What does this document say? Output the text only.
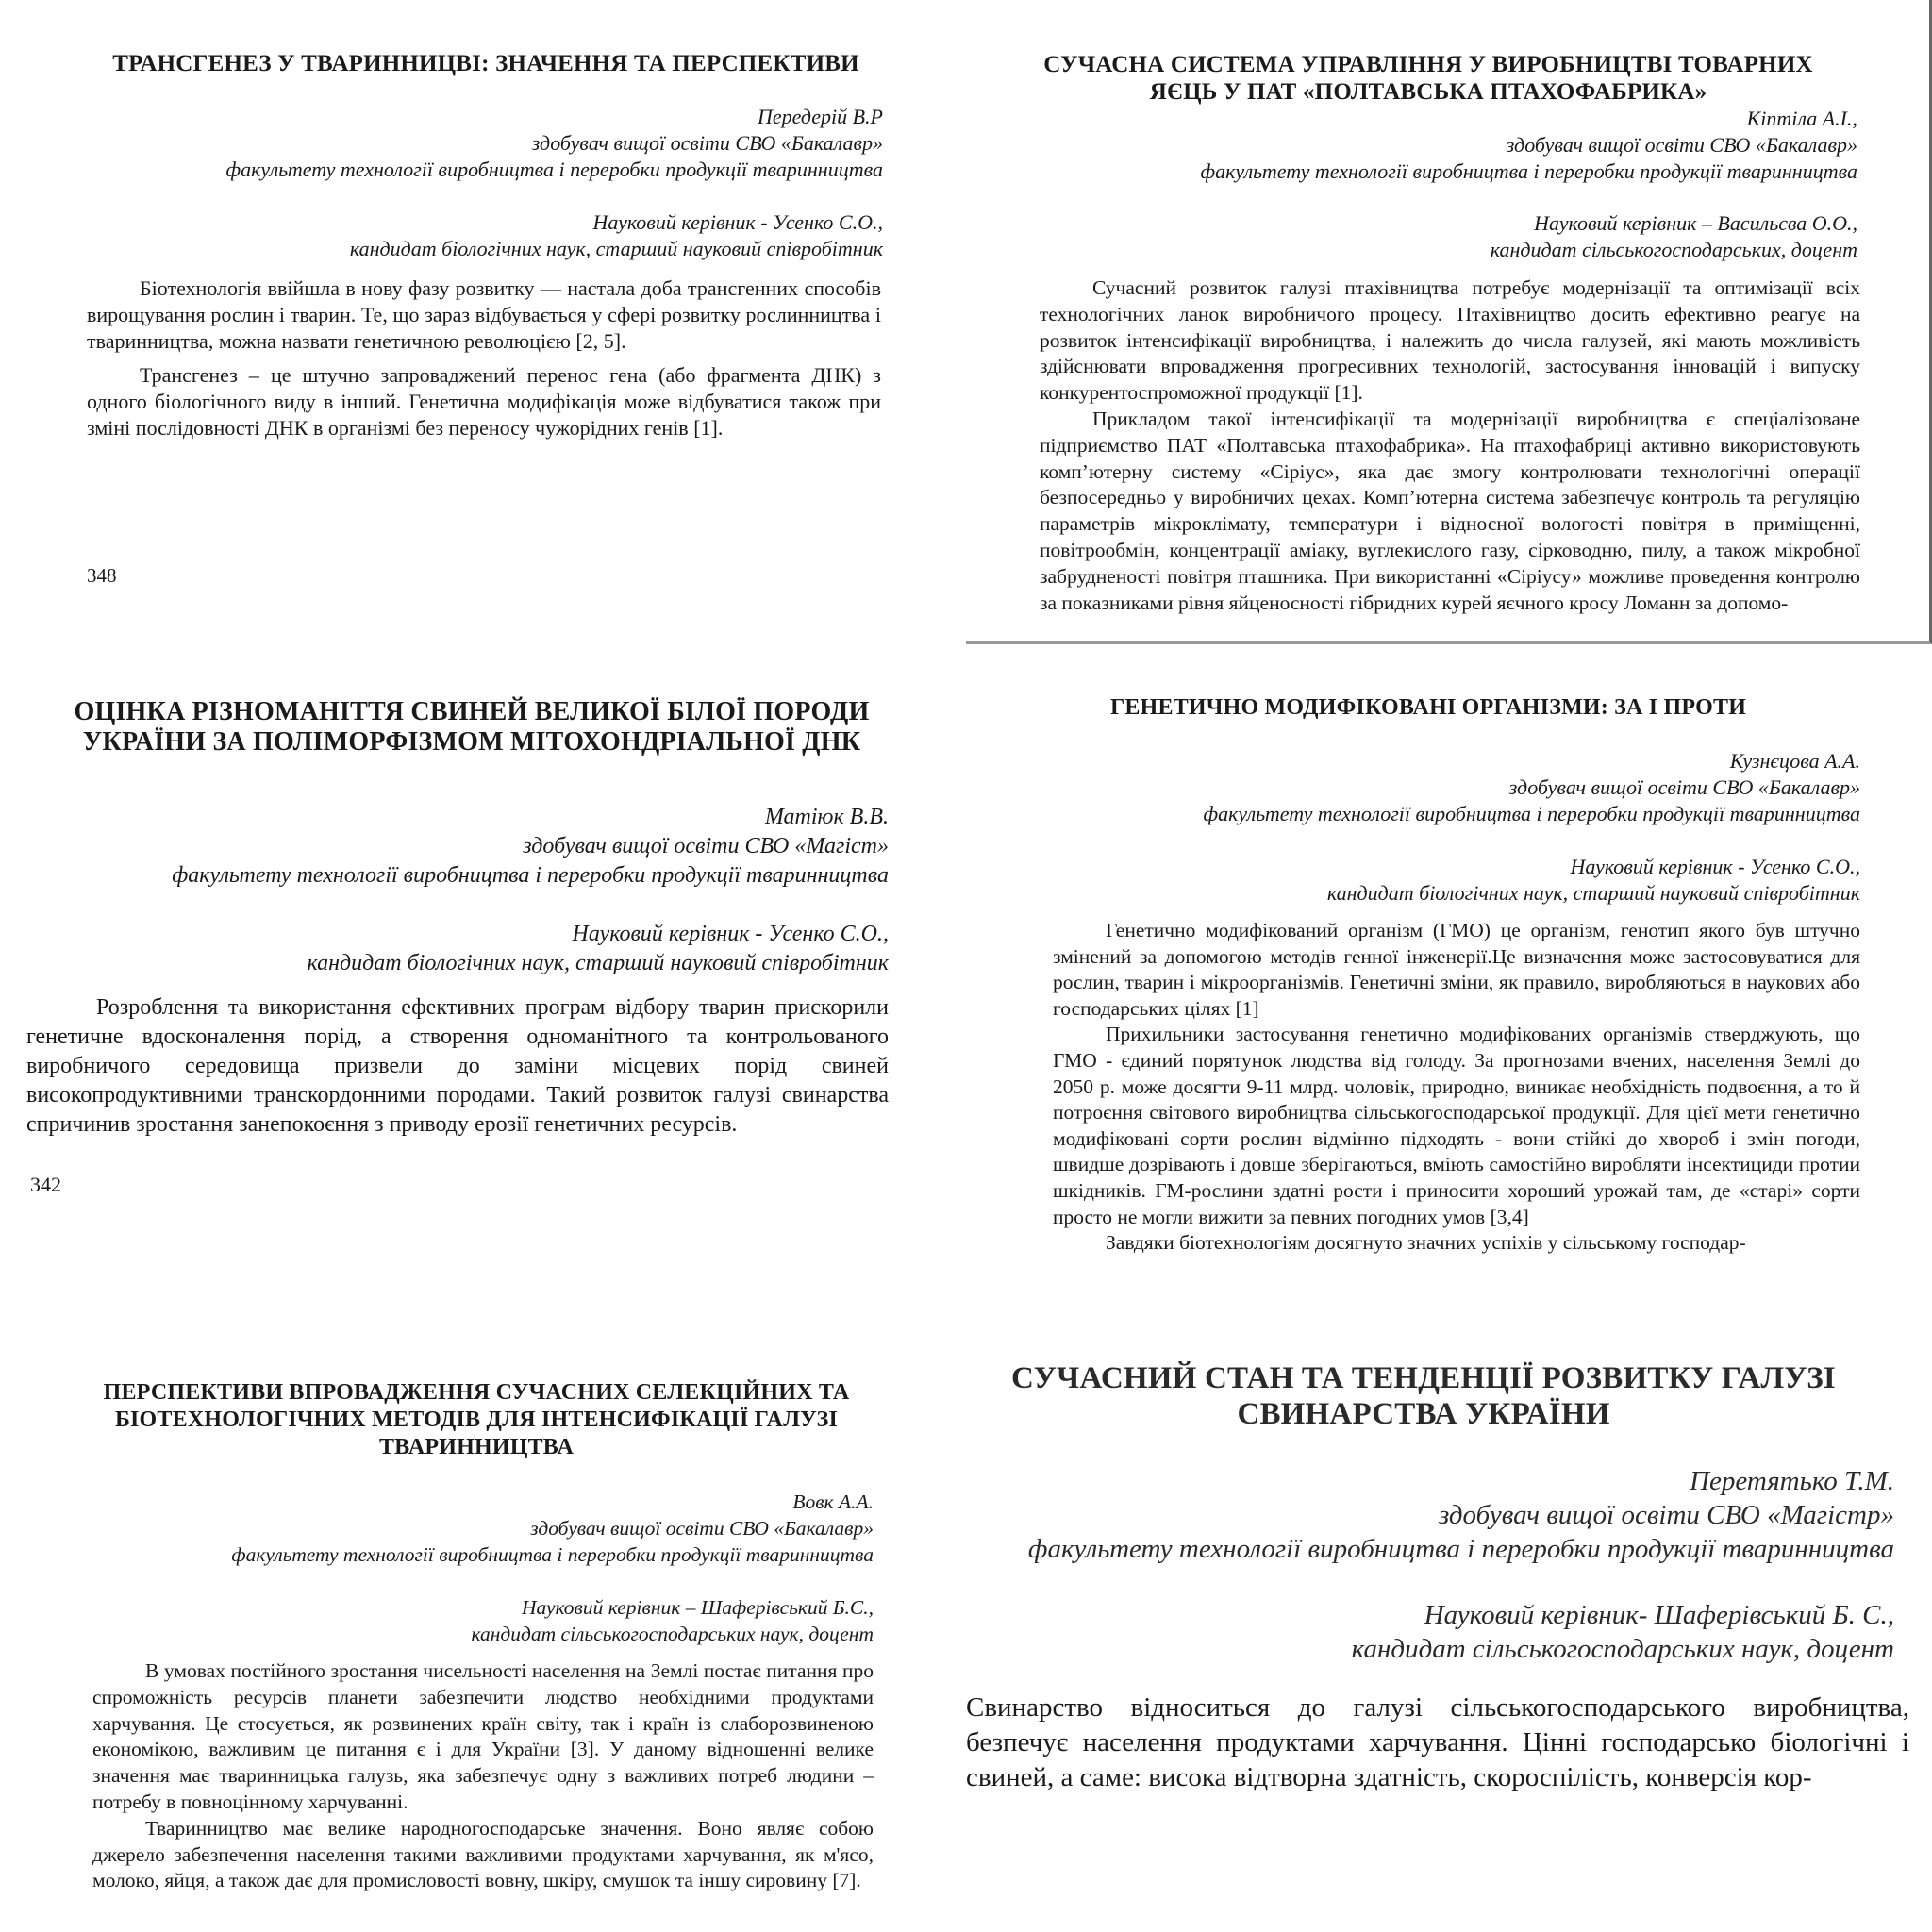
ТРАНСГЕНЕЗ У ТВАРИННИЦВІ: ЗНАЧЕННЯ ТА ПЕРСПЕКТИВИ
Передерій В.Р
здобувач вищої освіти СВО «Бакалавр»
факультету технології виробництва і переробки продукції тваринництва
Науковий керівник - Усенко С.О.,
кандидат біологічних наук, старший науковий співробітник

Біотехнологія ввійшла в нову фазу розвитку — настала доба трансгенних способів вирощування рослин і тварин. Те, що зараз відбувається у сфері розвитку рослинництва і тваринництва, можна назвати генетичною революцією [2, 5].

Трансгенез – це штучно запроваджений перенос гена (або фрагмента ДНК) з одного біологічного виду в інший. Генетична модифікація може відбуватися також при зміні послідовності ДНК в організмі без переносу чужорідних генів [1].

348
СУЧАСНА СИСТЕМА УПРАВЛІННЯ У ВИРОБНИЦТВІ ТОВАРНИХ ЯЄЦЬ У ПАТ «ПОЛТАВСЬКА ПТАХОФАБРИКА»
Кіптіла А.І.,
здобувач вищої освіти СВО «Бакалавр»
факультету технології виробництва і переробки продукції тваринництва
Науковий керівник – Васильєва О.О.,
кандидат сільськогосподарських, доцент

Сучасний розвиток галузі птахівництва потребує модернізації та оптимізації всіх технологічних ланок виробничого процесу. Птахівництво досить ефективно реагує на розвиток інтенсифікації виробництва, і належить до числа галузей, які мають можливість здійснювати впровадження прогресивних технологій, застосування інновацій і випуску конкурентоспроможної продукції [1].

Прикладом такої інтенсифікації та модернізації виробництва є спеціалізоване підприємство ПАТ «Полтавська птахофабрика». На птахофабриці активно використовують комп’ютерну систему «Сіріус», яка дає змогу контролювати технологічні операції безпосередньо у виробничих цехах. Комп’ютерна система забезпечує контроль та регуляцію параметрів мікроклімату, температури і відносної вологості повітря в приміщенні, повітрообмін, концентрації аміаку, вуглекислого газу, сірководню, пилу, а також мікробної забрудненості повітря пташника. При використанні «Сіріусу» можливе проведення контролю за показниками рівня яйценосності гібридних курей яєчного кросу Ломанн за допомо-

ОЦІНКА РІЗНОМАНІТТЯ СВИНЕЙ ВЕЛИКОЇ БІЛОЇ ПОРОДИ УКРАЇНИ ЗА ПОЛІМОРФІЗМОМ МІТОХОНДРІАЛЬНОЇ ДНК
Матіюк В.В.
здобувач вищої освіти СВО «Магіст»
факультету технології виробництва і переробки продукції тваринництва
Науковий керівник - Усенко С.О.,
кандидат біологічних наук, старший науковий співробітник

Розроблення та використання ефективних програм відбору тварин прискорили генетичне вдосконалення порід, а створення одноманітного та контрольованого виробничого середовища призвели до заміни місцевих порід свиней високопродуктивними транскордонними породами. Такий розвиток галузі свинарства спричинив зростання занепокоєння з приводу ерозії генетичних ресурсів.

342
ГЕНЕТИЧНО МОДИФІКОВАНІ ОРГАНІЗМИ: ЗА І ПРОТИ
Кузнєцова А.А.
здобувач вищої освіти СВО «Бакалавр»
факультету технології виробництва і переробки продукції тваринництва
Науковий керівник - Усенко С.О.,
кандидат біологічних наук, старший науковий співробітник

Генетично модифікований організм (ГМО) це організм, генотип якого був штучно змінений за допомогою методів генної інженерії.Це визначення може застосовуватися для рослин, тварин і мікроорганізмів. Генетичні зміни, як правило, виробляються в наукових або господарських цілях [1]

Прихильники застосування генетично модифікованих організмів стверджують, що ГМО - єдиний порятунок людства від голоду. За прогнозами вчених, населення Землі до 2050 р. може досягти 9-11 млрд. чоловік, природно, виникає необхідність подвоєння, а то й потроєння світового виробництва сільськогосподарської продукції. Для цієї мети генетично модифіковані сорти рослин відмінно підходять - вони стійкі до хвороб і змін погоди, швидше дозрівають і довше зберігаються, вміють самостійно виробляти інсектициди протии шкідників. ГМ-рослини здатні рости і приносити хороший урожай там, де «старі» сорти просто не могли вижити за певних погодних умов [3,4]

Завдяки біотехнологіям досягнуто значних успіхів у сільському господар-

ПЕРСПЕКТИВИ ВПРОВАДЖЕННЯ СУЧАСНИХ СЕЛЕКЦІЙНИХ ТА БІОТЕХНОЛОГІЧНИХ МЕТОДІВ ДЛЯ ІНТЕНСИФІКАЦІЇ ГАЛУЗІ ТВАРИННИЦТВА
Вовк А.А.
здобувач вищої освіти СВО «Бакалавр»
факультету технології виробництва і переробки продукції тваринництва
Науковий керівник – Шаферівський Б.С.,
кандидат сільськогосподарських наук, доцент

В умовах постійного зростання чисельності населення на Землі постає питання про спроможність ресурсів планети забезпечити людство необхідними продуктами харчування. Це стосується, як розвинених країн світу, так і країн із слаборозвиненою економікою, важливим це питання є і для України [3]. У даному відношенні велике значення має тваринницька галузь, яка забезпечує одну з важливих потреб людини – потребу в повноцінному харчуванні.

Тваринництво має велике народногосподарське значення. Воно являє собою джерело забезпечення населення такими важливими продуктами харчування, як м'ясо, молоко, яйця, а також дає для промисловості вовну, шкіру, смушок та іншу сировину [7].

СУЧАСНИЙ СТАН ТА ТЕНДЕНЦІЇ РОЗВИТКУ ГАЛУЗІ СВИНАРСТВА УКРАЇНИ
Перетятько Т.М.
здобувач вищої освіти СВО «Магістр»
факультету технології виробництва і переробки продукції тваринництва
Науковий керівник- Шаферівський Б. С.,
кандидат сільськогосподарських наук, доцент

Свинарство відноситься до галузі сільськогосподарського виробництва, безпечує населення продуктами харчування. Цінні господарсько біологічні і свиней, а саме: висока відтворна здатність, скороспілість, конверсія кор-
